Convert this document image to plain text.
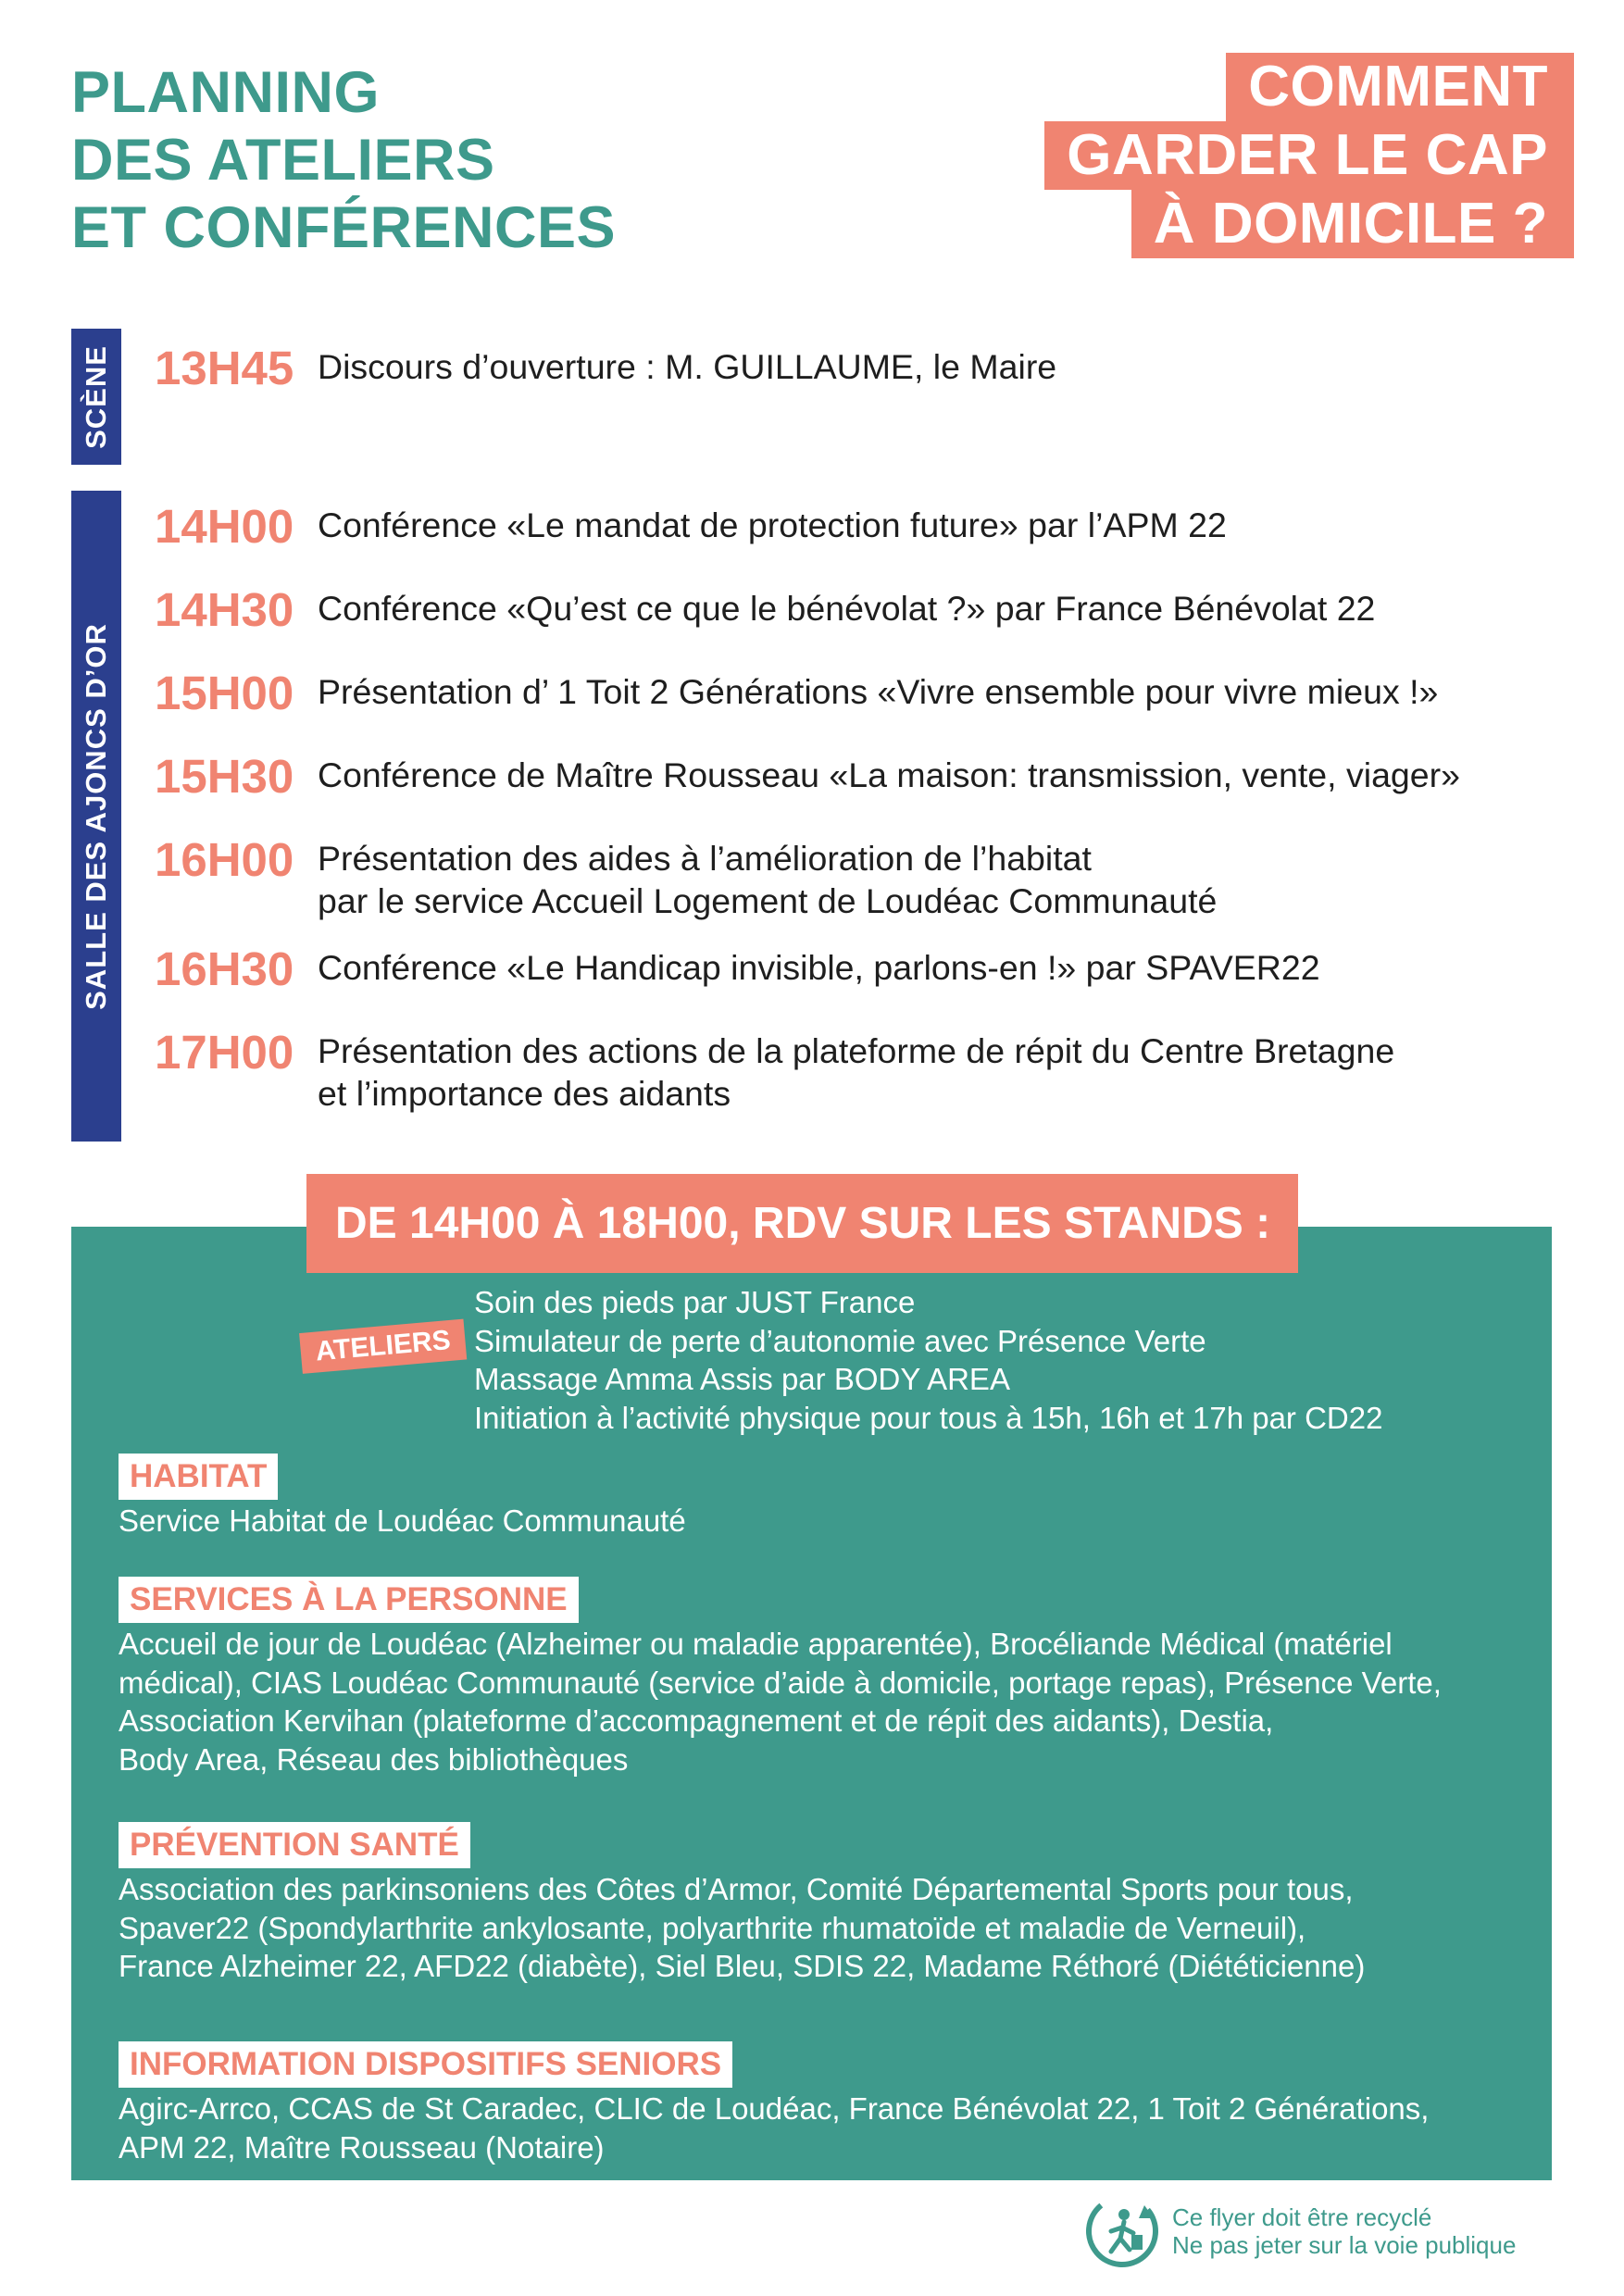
PLANNING
DES ATELIERS
ET CONFÉRENCES
COMMENT
GARDER LE CAP
À DOMICILE ?
SCÈNE
SALLE DES AJONCS D’OR
13H45 Discours d’ouverture : M. GUILLAUME, le Maire
14H00 Conférence «Le mandat de protection future» par l’APM 22
14H30 Conférence «Qu’est ce que le bénévolat ?» par France Bénévolat 22
15H00 Présentation d’ 1 Toit 2 Générations «Vivre ensemble pour vivre mieux !»
15H30 Conférence de Maître Rousseau «La maison: transmission, vente, viager»
16H00 Présentation des aides à l’amélioration de l’habitat
par le service Accueil Logement de Loudéac Communauté
16H30 Conférence «Le Handicap invisible, parlons-en !» par SPAVER22
17H00 Présentation des actions de la plateforme de répit du Centre Bretagne
et l’importance des aidants
DE 14H00 À 18H00, RDV SUR LES STANDS :
ATELIERS
Soin des pieds par JUST France
Simulateur de perte d’autonomie avec Présence Verte
Massage Amma Assis par BODY AREA
Initiation à l’activité physique pour tous à 15h, 16h et 17h par CD22
HABITAT
Service Habitat de Loudéac Communauté
SERVICES À LA PERSONNE
Accueil de jour de Loudéac (Alzheimer ou maladie apparentée), Brocéliande Médical (matériel
médical), CIAS Loudéac Communauté (service d’aide à domicile, portage repas), Présence Verte,
Association Kervihan (plateforme d’accompagnement et de répit des aidants), Destia,
Body Area, Réseau des bibliothèques
PRÉVENTION SANTÉ
Association des parkinsoniens des Côtes d’Armor, Comité Départemental Sports pour tous,
Spaver22 (Spondylarthrite ankylosante, polyarthrite rhumatoïde et maladie de Verneuil),
France Alzheimer 22, AFD22 (diabète), Siel Bleu, SDIS 22, Madame Réthoré (Diététicienne)
INFORMATION DISPOSITIFS SENIORS
Agirc-Arrco, CCAS de St Caradec, CLIC de Loudéac, France Bénévolat 22, 1 Toit 2 Générations,
APM 22, Maître Rousseau (Notaire)
Ce flyer doit être recyclé
Ne pas jeter sur la voie publique
